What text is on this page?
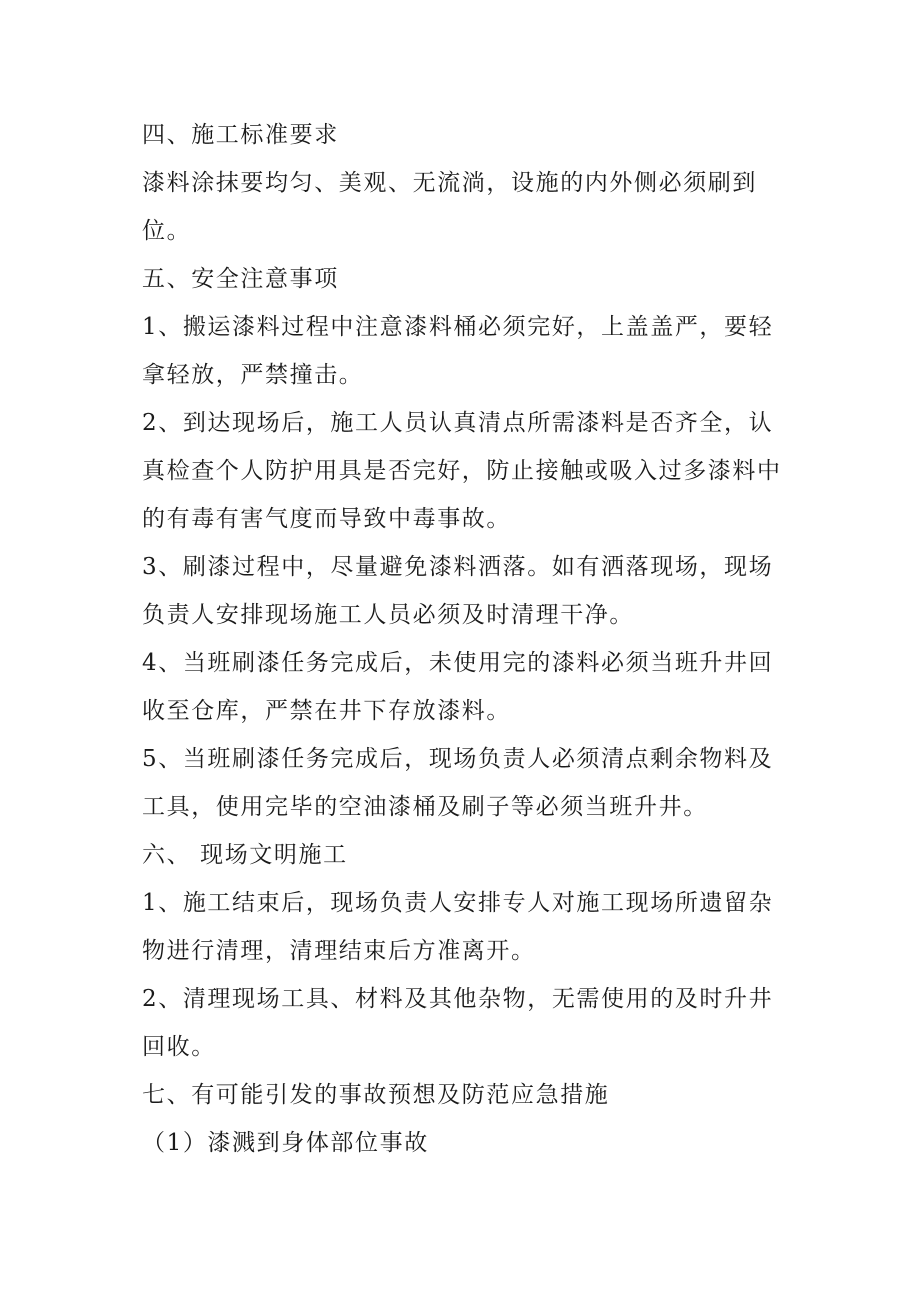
四、施工标准要求
漆料涂抹要均匀、美观、无流淌，设施的内外侧必须刷到
位。
五、安全注意事项
1、搬运漆料过程中注意漆料桶必须完好，上盖盖严，要轻
拿轻放，严禁撞击。
2、到达现场后，施工人员认真清点所需漆料是否齐全，认
真检查个人防护用具是否完好，防止接触或吸入过多漆料中
的有毒有害气度而导致中毒事故。
3、刷漆过程中，尽量避免漆料洒落。如有洒落现场，现场
负责人安排现场施工人员必须及时清理干净。
4、当班刷漆任务完成后，未使用完的漆料必须当班升井回
收至仓库，严禁在井下存放漆料。
5、当班刷漆任务完成后，现场负责人必须清点剩余物料及
工具，使用完毕的空油漆桶及刷子等必须当班升井。
六、 现场文明施工
1、施工结束后，现场负责人安排专人对施工现场所遗留杂
物进行清理，清理结束后方准离开。
2、清理现场工具、材料及其他杂物，无需使用的及时升井
回收。
七、有可能引发的事故预想及防范应急措施
（1）漆溅到身体部位事故
